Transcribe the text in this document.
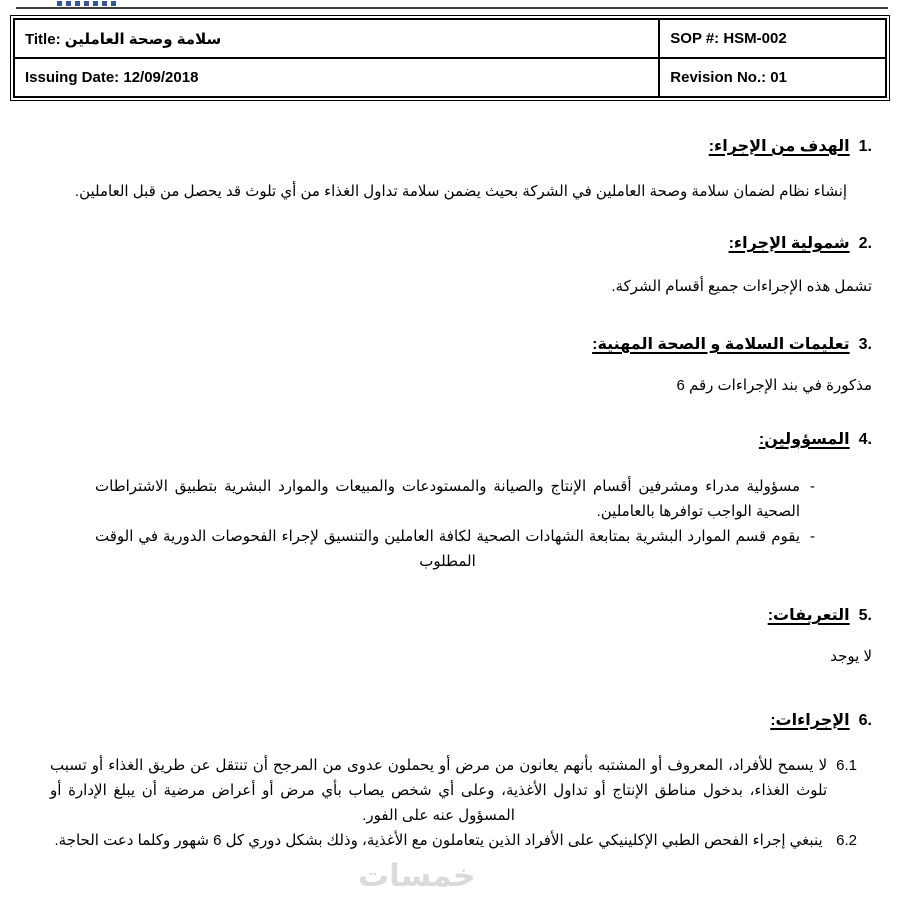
خمسات
Title: سلامة وصحة العاملين	SOP #: HSM-002
Issuing Date: 12/09/2018	Revision No.: 01
1.
الهدف من الإجراء:

إنشاء نظام لضمان سلامة وصحة العاملين في الشركة بحيث يضمن سلامة تداول الغذاء من أي تلوث قد يحصل من قبل العاملين.

2.
شمولية الإجراء:

تشمل هذه الإجراءات جميع أقسام الشركة.

3.
تعليمات السلامة و الصحة المهنية:

مذكورة في بند الإجراءات رقم 6

4.
المسؤولين:
-
مسؤولية مدراء ومشرفين أقسام الإنتاج والصيانة والمستودعات والمبيعات والموارد البشرية بتطبيق الاشتراطات الصحية الواجب توافرها بالعاملين.
-
يقوم قسم الموارد البشرية بمتابعة الشهادات الصحية لكافة العاملين والتنسيق لإجراء الفحوصات الدورية في الوقت المطلوب
5.
التعريفات:

لا يوجد

6.
الإجراءات:
6.1
لا يسمح للأفراد، المعروف أو المشتبه بأنهم يعانون من مرض أو يحملون عدوى من المرجح أن تنتقل عن طريق الغذاء أو تسبب تلوث الغذاء، بدخول مناطق الإنتاج أو تداول الأغذية، وعلى أي شخص يصاب بأي مرض أو أعراض مرضية أن يبلغ الإدارة أو المسؤول عنه على الفور.
6.2
ينبغي إجراء الفحص الطبي الإكلينيكي على الأفراد الذين يتعاملون مع الأغذية، وذلك بشكل دوري كل 6 شهور وكلما دعت الحاجة.
